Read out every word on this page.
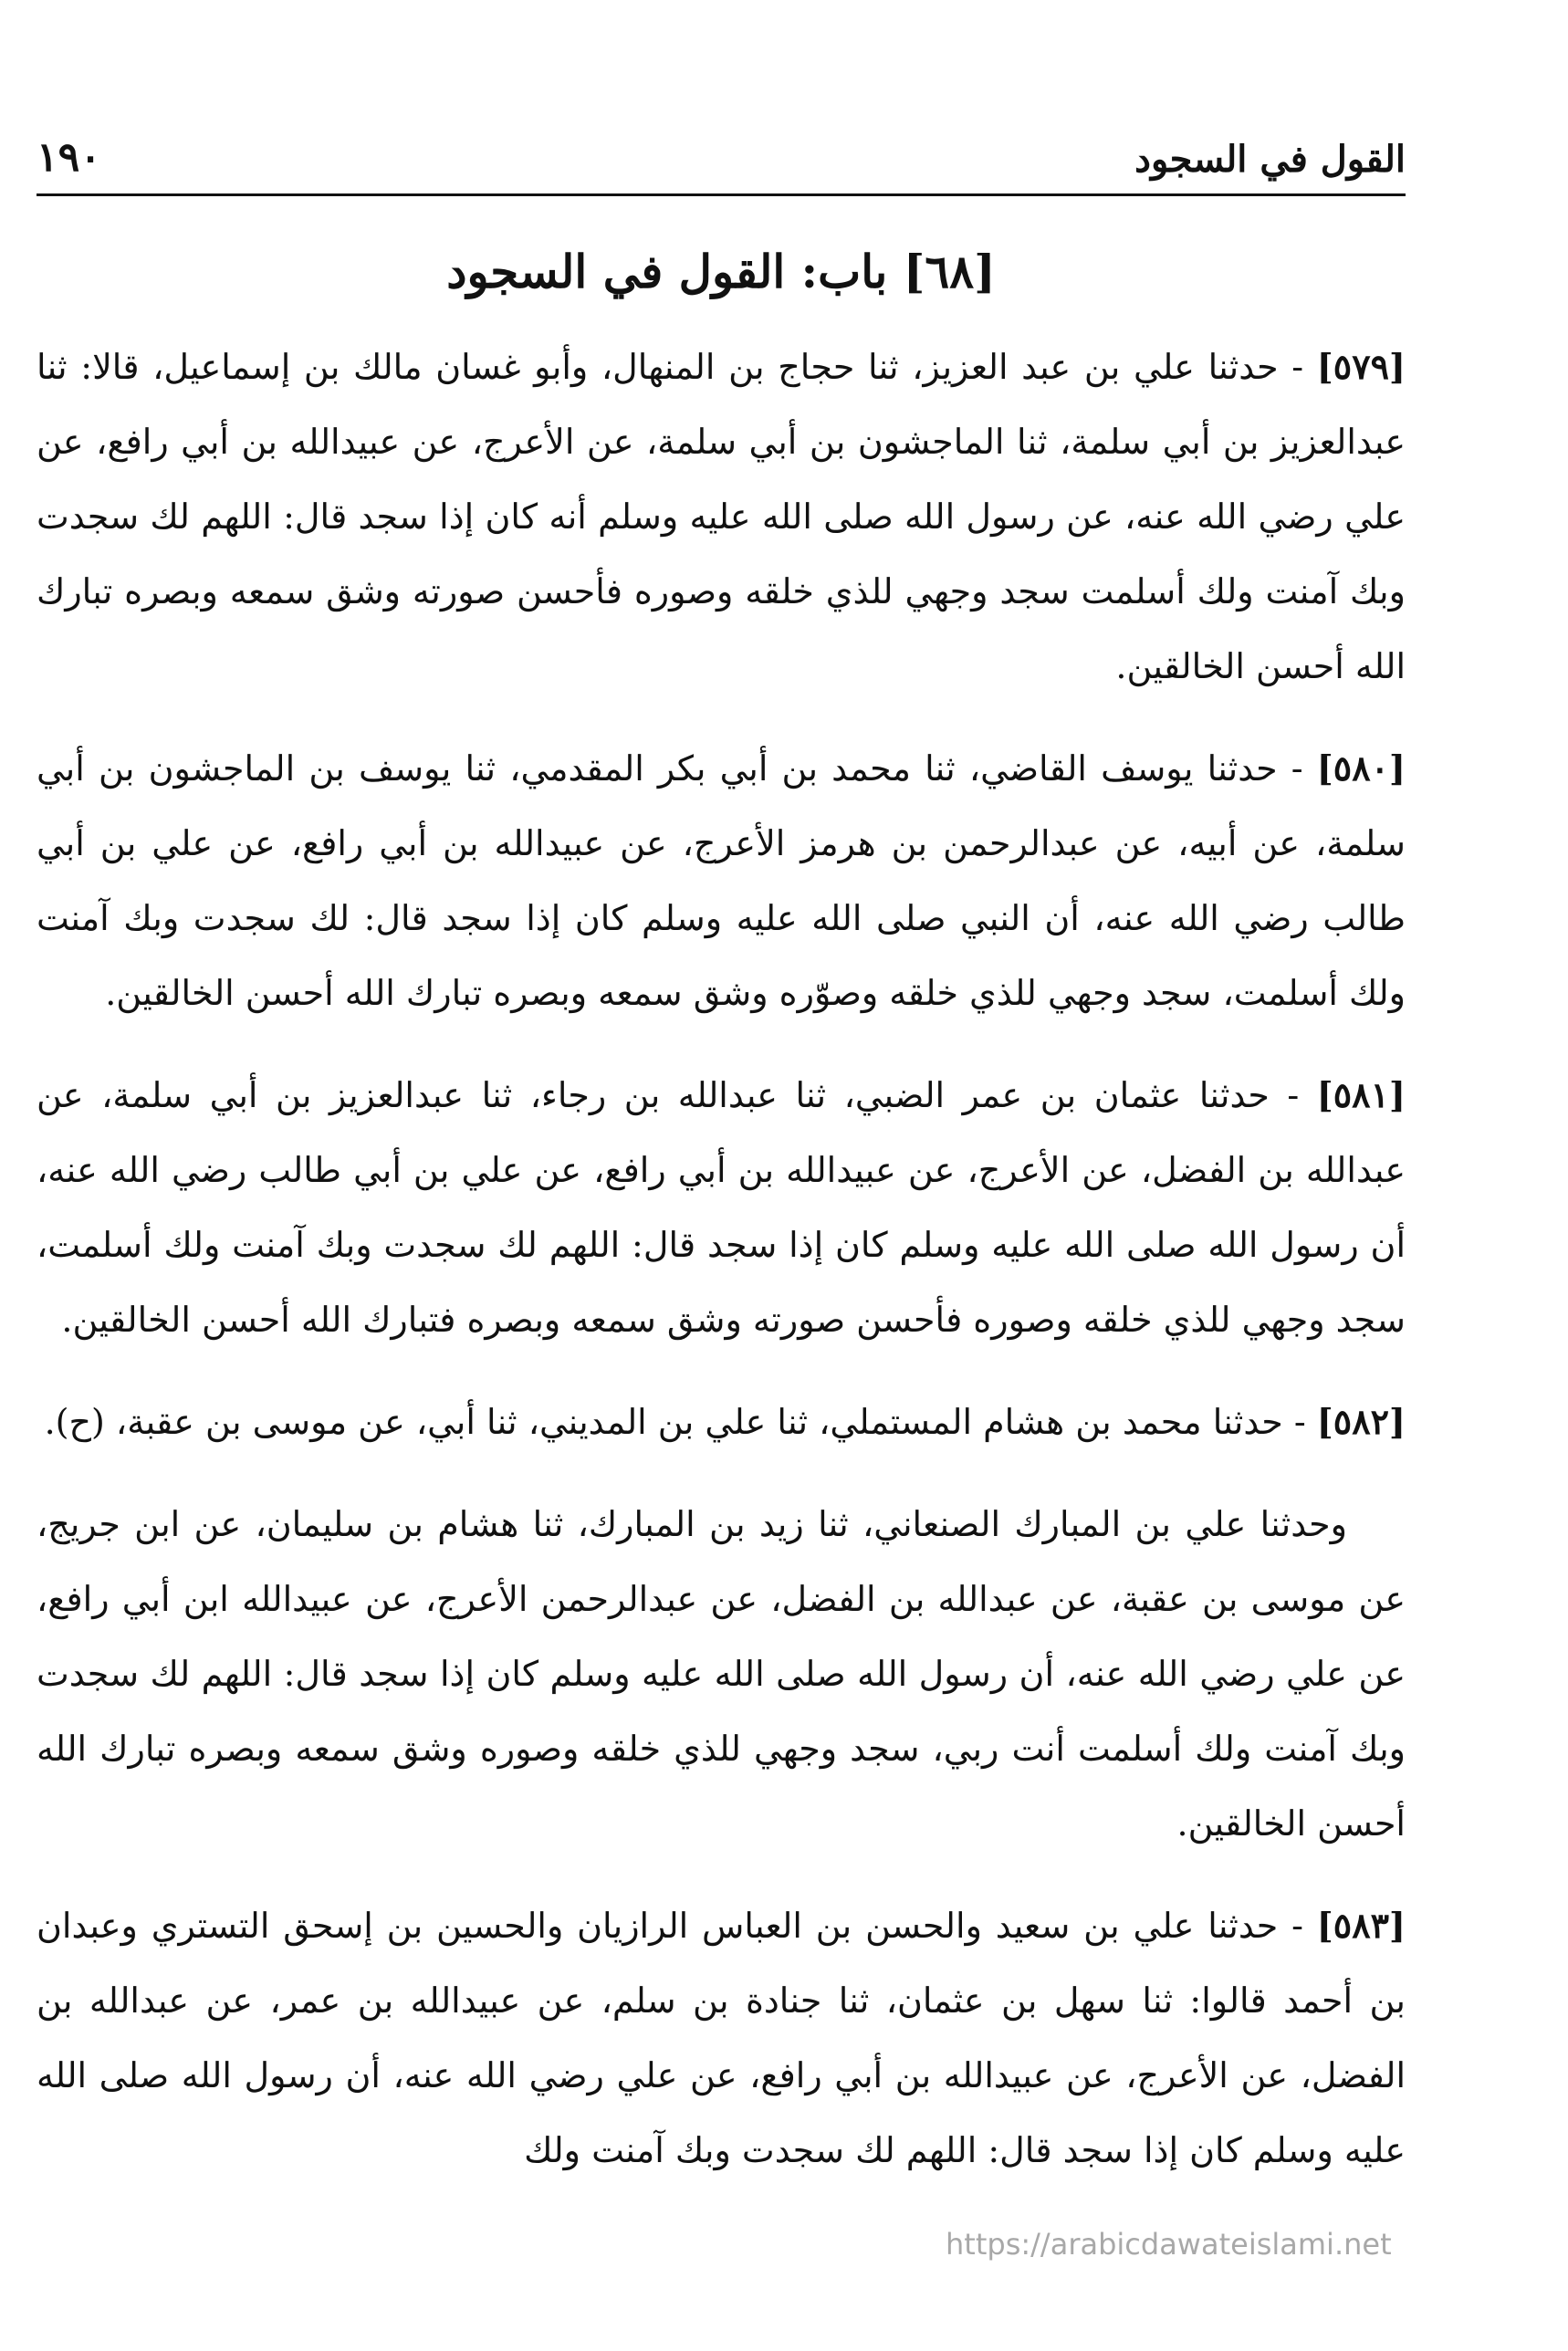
القول في السجود
١٩٠
[٦٨] باب: القول في السجود

[٥٧٩] - حدثنا علي بن عبد العزيز، ثنا حجاج بن المنهال، وأبو غسان مالك بن إسماعيل، قالا: ثنا عبدالعزيز بن أبي سلمة، ثنا الماجشون بن أبي سلمة، عن الأعرج، عن عبيدالله بن أبي رافع، عن علي رضي الله عنه، عن رسول الله صلى الله عليه وسلم أنه كان إذا سجد قال: اللهم لك سجدت وبك آمنت ولك أسلمت سجد وجهي للذي خلقه وصوره فأحسن صورته وشق سمعه وبصره تبارك الله أحسن الخالقين.

[٥٨٠] - حدثنا يوسف القاضي، ثنا محمد بن أبي بكر المقدمي، ثنا يوسف بن الماجشون بن أبي سلمة، عن أبيه، عن عبدالرحمن بن هرمز الأعرج، عن عبيدالله بن أبي رافع، عن علي بن أبي طالب رضي الله عنه، أن النبي صلى الله عليه وسلم كان إذا سجد قال: لك سجدت وبك آمنت ولك أسلمت، سجد وجهي للذي خلقه وصوّره وشق سمعه وبصره تبارك الله أحسن الخالقين.

[٥٨١] - حدثنا عثمان بن عمر الضبي، ثنا عبدالله بن رجاء، ثنا عبدالعزيز بن أبي سلمة، عن عبدالله بن الفضل، عن الأعرج، عن عبيدالله بن أبي رافع، عن علي بن أبي طالب رضي الله عنه، أن رسول الله صلى الله عليه وسلم كان إذا سجد قال: اللهم لك سجدت وبك آمنت ولك أسلمت، سجد وجهي للذي خلقه وصوره فأحسن صورته وشق سمعه وبصره فتبارك الله أحسن الخالقين.

[٥٨٢] - حدثنا محمد بن هشام المستملي، ثنا علي بن المديني، ثنا أبي، عن موسى بن عقبة، (ح).

وحدثنا علي بن المبارك الصنعاني، ثنا زيد بن المبارك، ثنا هشام بن سليمان، عن ابن جريج، عن موسى بن عقبة، عن عبدالله بن الفضل، عن عبدالرحمن الأعرج، عن عبيدالله ابن أبي رافع، عن علي رضي الله عنه، أن رسول الله صلى الله عليه وسلم كان إذا سجد قال: اللهم لك سجدت وبك آمنت ولك أسلمت أنت ربي، سجد وجهي للذي خلقه وصوره وشق سمعه وبصره تبارك الله أحسن الخالقين.

[٥٨٣] - حدثنا علي بن سعيد والحسن بن العباس الرازيان والحسين بن إسحق التستري وعبدان بن أحمد قالوا: ثنا سهل بن عثمان، ثنا جنادة بن سلم، عن عبيدالله بن عمر، عن عبدالله بن الفضل، عن الأعرج، عن عبيدالله بن أبي رافع، عن علي رضي الله عنه، أن رسول الله صلى الله عليه وسلم كان إذا سجد قال: اللهم لك سجدت وبك آمنت ولك

https://arabicdawateislami.net
